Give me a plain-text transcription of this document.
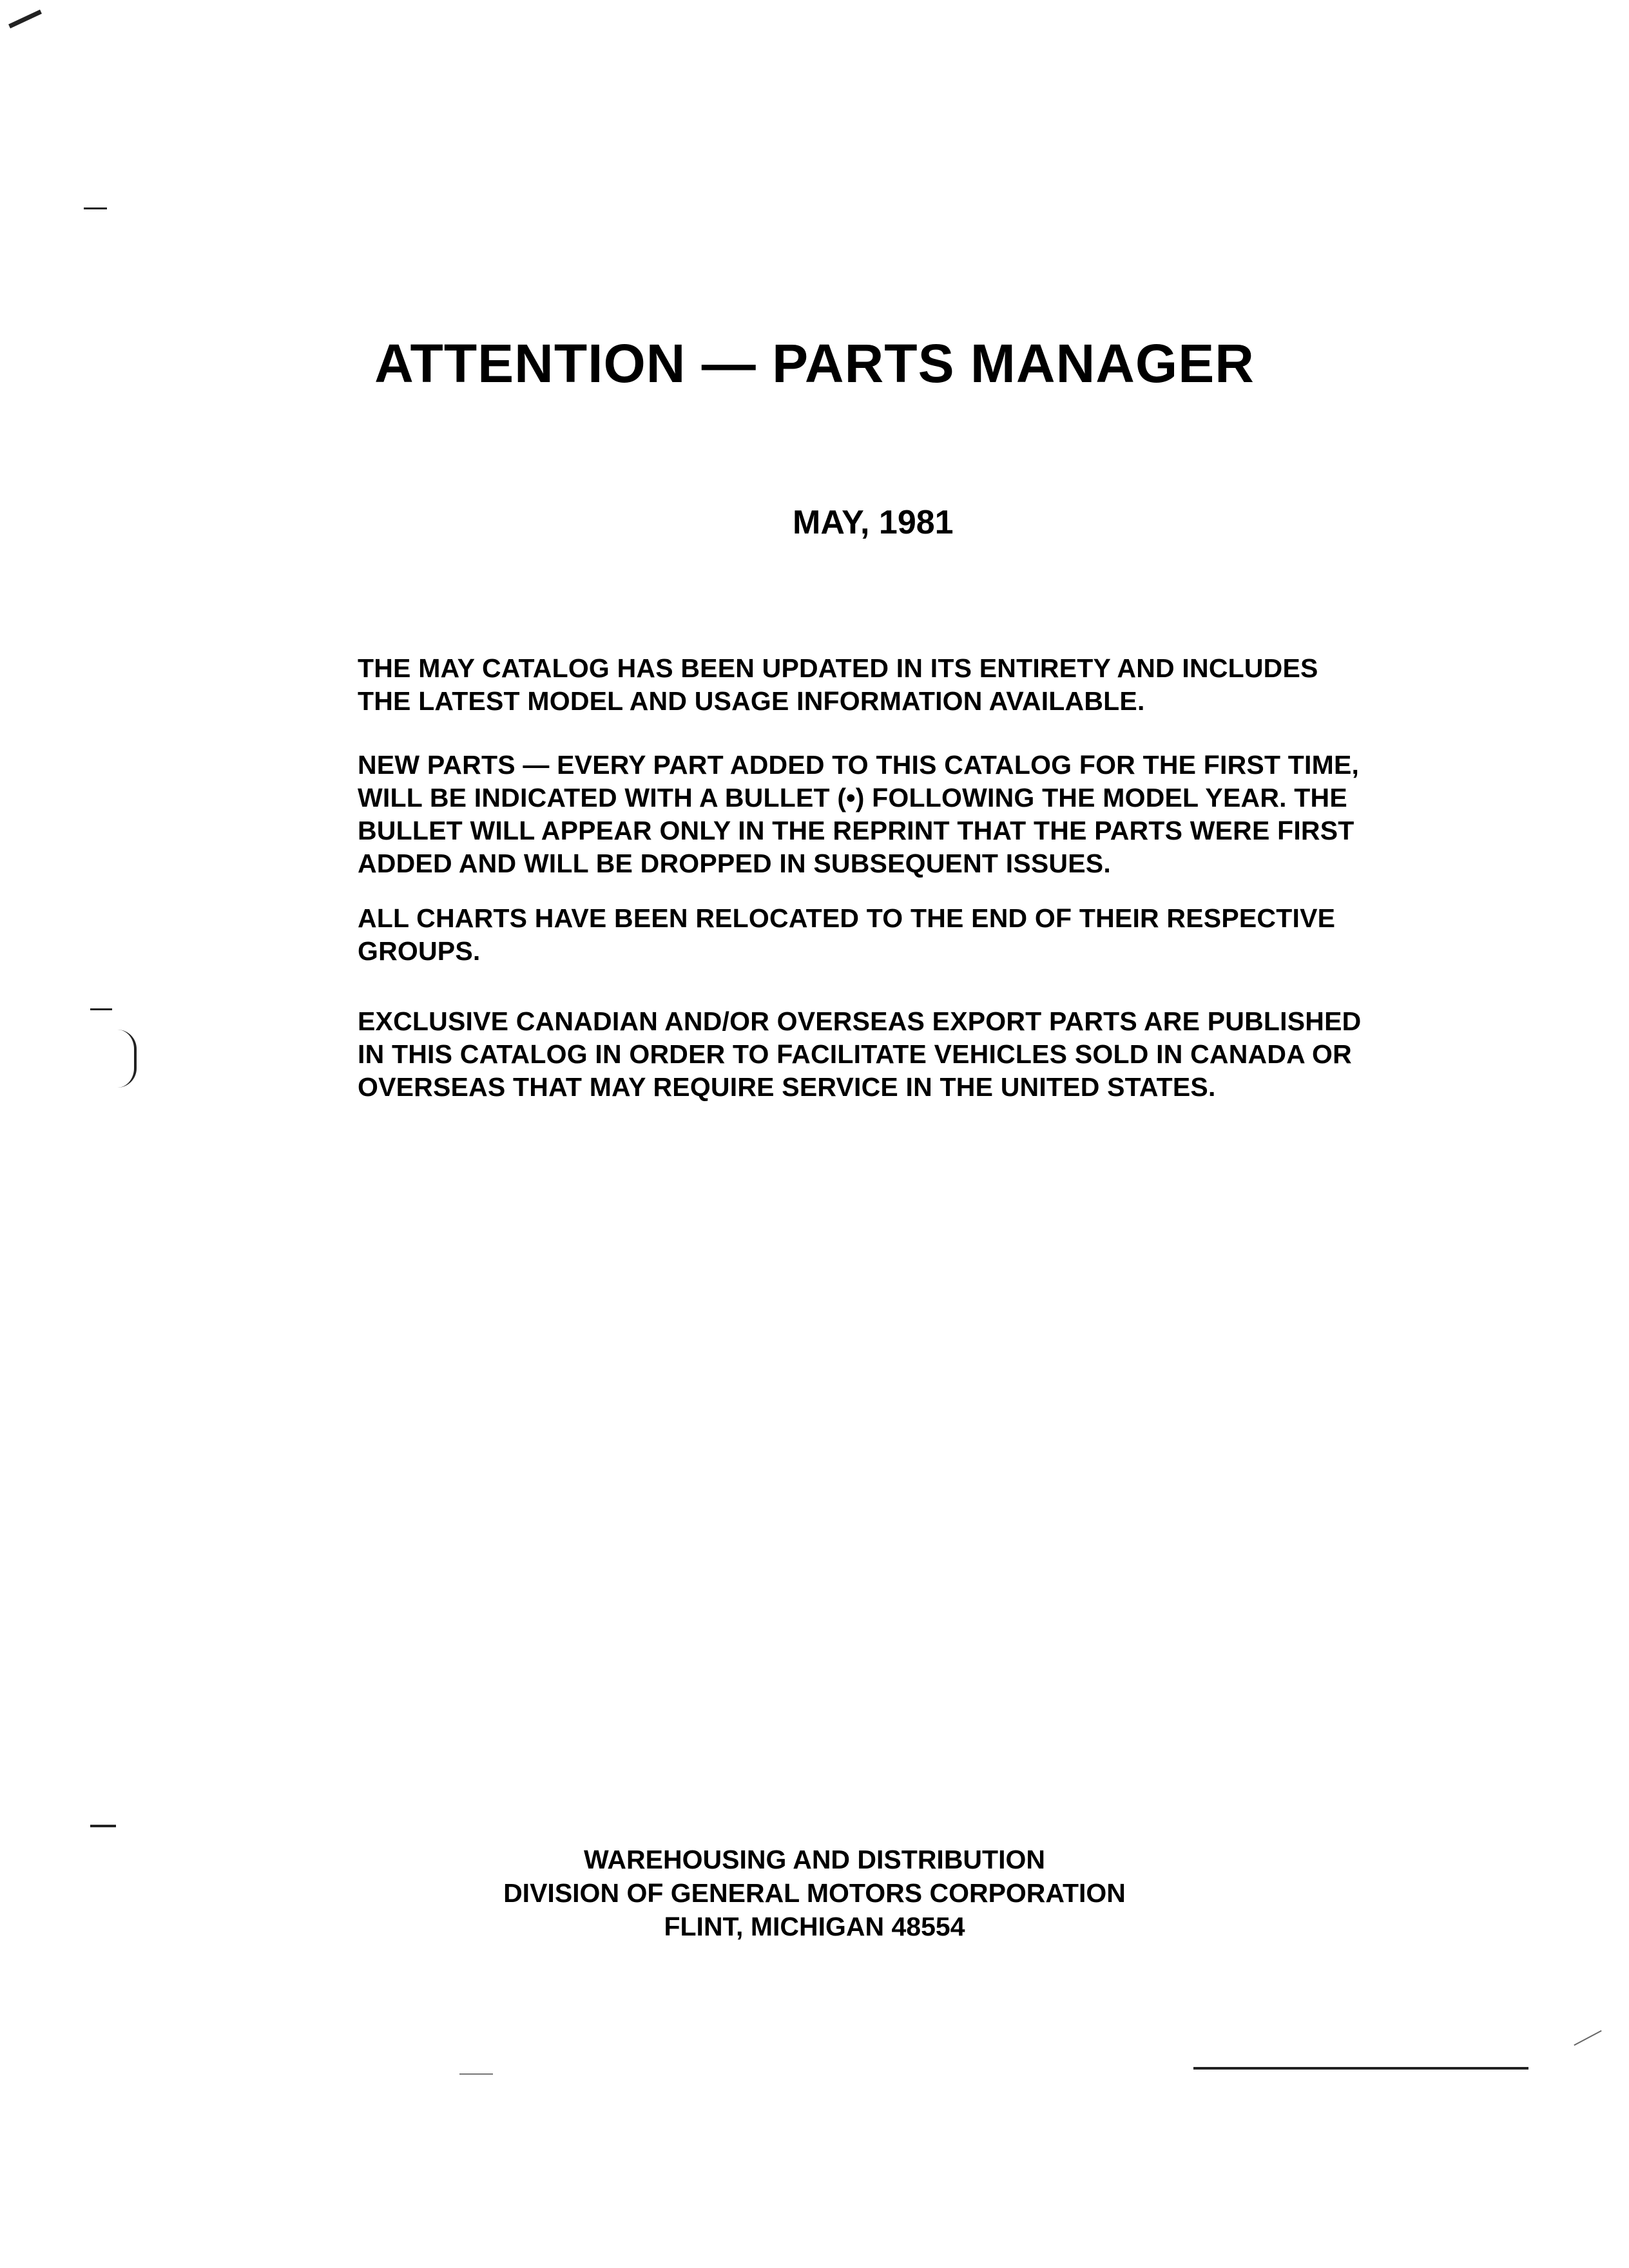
ATTENTION — PARTS MANAGER
MAY, 1981
THE MAY CATALOG HAS BEEN UPDATED IN ITS ENTIRETY AND INCLUDES
THE LATEST MODEL AND USAGE INFORMATION AVAILABLE.
NEW PARTS — EVERY PART ADDED TO THIS CATALOG FOR THE FIRST TIME,
WILL BE INDICATED WITH A BULLET (•) FOLLOWING THE MODEL YEAR. THE
BULLET WILL APPEAR ONLY IN THE REPRINT THAT THE PARTS WERE FIRST
ADDED AND WILL BE DROPPED IN SUBSEQUENT ISSUES.
ALL CHARTS HAVE BEEN RELOCATED TO THE END OF THEIR RESPECTIVE
GROUPS.
EXCLUSIVE CANADIAN AND/OR OVERSEAS EXPORT PARTS ARE PUBLISHED
IN THIS CATALOG IN ORDER TO FACILITATE VEHICLES SOLD IN CANADA OR
OVERSEAS THAT MAY REQUIRE SERVICE IN THE UNITED STATES.
WAREHOUSING AND DISTRIBUTION
DIVISION OF GENERAL MOTORS CORPORATION
FLINT, MICHIGAN 48554
